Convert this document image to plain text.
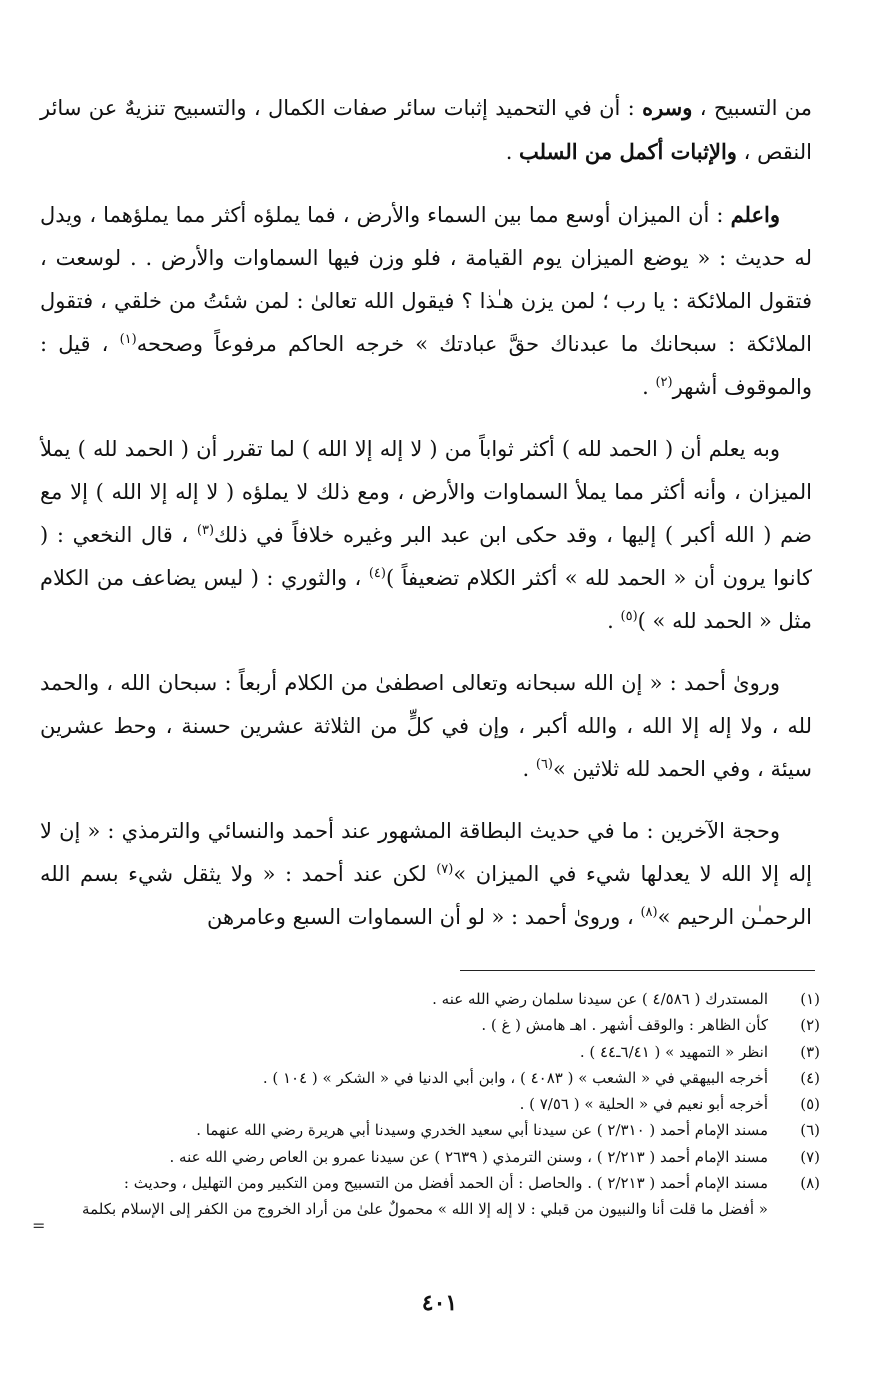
من التسبيح ، وسره : أن في التحميد إثبات سائر صفات الكمال ، والتسبيح تنزيهٌ عن سائر النقص ، والإثبات أكمل من السلب .

واعلم : أن الميزان أوسع مما بين السماء والأرض ، فما يملؤه أكثر مما يملؤهما ، ويدل له حديث : « يوضع الميزان يوم القيامة ، فلو وزن فيها السماوات والأرض . . لوسعت ، فتقول الملائكة : يا رب ؛ لمن يزن هـٰذا ؟ فيقول الله تعالىٰ : لمن شئتُ من خلقي ، فتقول الملائكة : سبحانك ما عبدناك حقَّ عبادتك » خرجه الحاكم مرفوعاً وصححه$^{(١)}$ ، قيل : والموقوف أشهر$^{(٢)}$ .

وبه يعلم أن ( الحمد لله ) أكثر ثواباً من ( لا إله إلا الله ) لما تقرر أن ( الحمد لله ) يملأ الميزان ، وأنه أكثر مما يملأ السماوات والأرض ، ومع ذلك لا يملؤه ( لا إله إلا الله ) إلا مع ضم ( الله أكبر ) إليها ، وقد حكى ابن عبد البر وغيره خلافاً في ذلك$^{(٣)}$ ، قال النخعي : ( كانوا يرون أن « الحمد لله » أكثر الكلام تضعيفاً )$^{(٤)}$ ، والثوري : ( ليس يضاعف من الكلام مثل « الحمد لله » )$^{(٥)}$ .

وروىٰ أحمد : « إن الله سبحانه وتعالى اصطفىٰ من الكلام أربعاً : سبحان الله ، والحمد لله ، ولا إله إلا الله ، والله أكبر ، وإن في كلٍّ من الثلاثة عشرين حسنة ، وحط عشرين سيئة ، وفي الحمد لله ثلاثين »$^{(٦)}$ .

وحجة الآخرين : ما في حديث البطاقة المشهور عند أحمد والنسائي والترمذي : « إن لا إله إلا الله لا يعدلها شيء في الميزان »$^{(٧)}$ لكن عند أحمد : « ولا يثقل شيء بسم الله الرحمـٰن الرحيم »$^{(٨)}$ ، وروىٰ أحمد : « لو أن السماوات السبع وعامرهن

(١)
المستدرك ( ٤/٥٨٦ ) عن سيدنا سلمان رضي الله عنه .
(٢)
كأن الظاهر : والوقف أشهر . اهـ هامش ( غ ) .
(٣)
انظر « التمهيد » ( ٦/٤١ـ٤٤ ) .
(٤)
أخرجه البيهقي في « الشعب » ( ٤٠٨٣ ) ، وابن أبي الدنيا في « الشكر » ( ١٠٤ ) .
(٥)
أخرجه أبو نعيم في « الحلية » ( ٧/٥٦ ) .
(٦)
مسند الإمام أحمد ( ٢/٣١٠ ) عن سيدنا أبي سعيد الخدري وسيدنا أبي هريرة رضي الله عنهما .
(٧)
مسند الإمام أحمد ( ٢/٢١٣ ) ، وسنن الترمذي ( ٢٦٣٩ ) عن سيدنا عمرو بن العاص رضي الله عنه .
(٨)
مسند الإمام أحمد ( ٢/٢١٣ ) . والحاصل : أن الحمد أفضل من التسبيح ومن التكبير ومن التهليل ، وحديث :
« أفضل ما قلت أنا والنبيون من قبلي : لا إله إلا الله » محمولٌ علىٰ من أراد الخروج من الكفر إلى الإسلام بكلمة
=
٤٠١
